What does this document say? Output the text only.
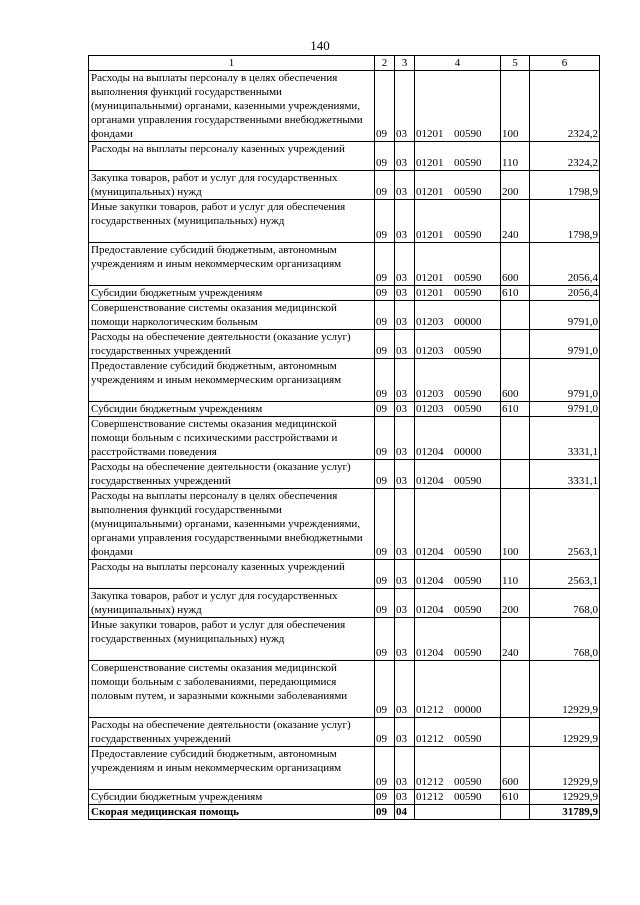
140
1	2	3	4	5	6
Расходы на выплаты персоналу в целях обеспечения выполнения функций государственными (муниципальными) органами, казенными учреждениями, органами управления государственными внебюджетными фондами	09	03	01201 00590	100	2324,2
Расходы на выплаты персоналу казенных учреждений	09	03	01201 00590	110	2324,2
Закупка товаров, работ и услуг для государственных (муниципальных) нужд	09	03	01201 00590	200	1798,9
Иные закупки товаров, работ и услуг для обеспечения государственных (муниципальных) нужд	09	03	01201 00590	240	1798,9
Предоставление субсидий бюджетным, автономным учреждениям и иным некоммерческим организациям	09	03	01201 00590	600	2056,4
Субсидии бюджетным учреждениям	09	03	01201 00590	610	2056,4
Совершенствование системы оказания медицинской помощи наркологическим больным	09	03	01203 00000		9791,0
Расходы на обеспечение деятельности (оказание услуг) государственных учреждений	09	03	01203 00590		9791,0
Предоставление субсидий бюджетным, автономным учреждениям и иным некоммерческим организациям	09	03	01203 00590	600	9791,0
Субсидии бюджетным учреждениям	09	03	01203 00590	610	9791,0
Совершенствование системы оказания медицинской помощи больным с психическими расстройствами и расстройствами поведения	09	03	01204 00000		3331,1
Расходы на обеспечение деятельности (оказание услуг) государственных учреждений	09	03	01204 00590		3331,1
Расходы на выплаты персоналу в целях обеспечения выполнения функций государственными (муниципальными) органами, казенными учреждениями, органами управления государственными внебюджетными фондами	09	03	01204 00590	100	2563,1
Расходы на выплаты персоналу казенных учреждений	09	03	01204 00590	110	2563,1
Закупка товаров, работ и услуг для государственных (муниципальных) нужд	09	03	01204 00590	200	768,0
Иные закупки товаров, работ и услуг для обеспечения государственных (муниципальных) нужд	09	03	01204 00590	240	768,0
Совершенствование системы оказания медицинской помощи больным с заболеваниями, передающимися половым путем, и заразными кожными заболеваниями	09	03	01212 00000		12929,9
Расходы на обеспечение деятельности (оказание услуг) государственных учреждений	09	03	01212 00590		12929,9
Предоставление субсидий бюджетным, автономным учреждениям и иным некоммерческим организациям	09	03	01212 00590	600	12929,9
Субсидии бюджетным учреждениям	09	03	01212 00590	610	12929,9
Скорая медицинская помощь	09	04			31789,9
